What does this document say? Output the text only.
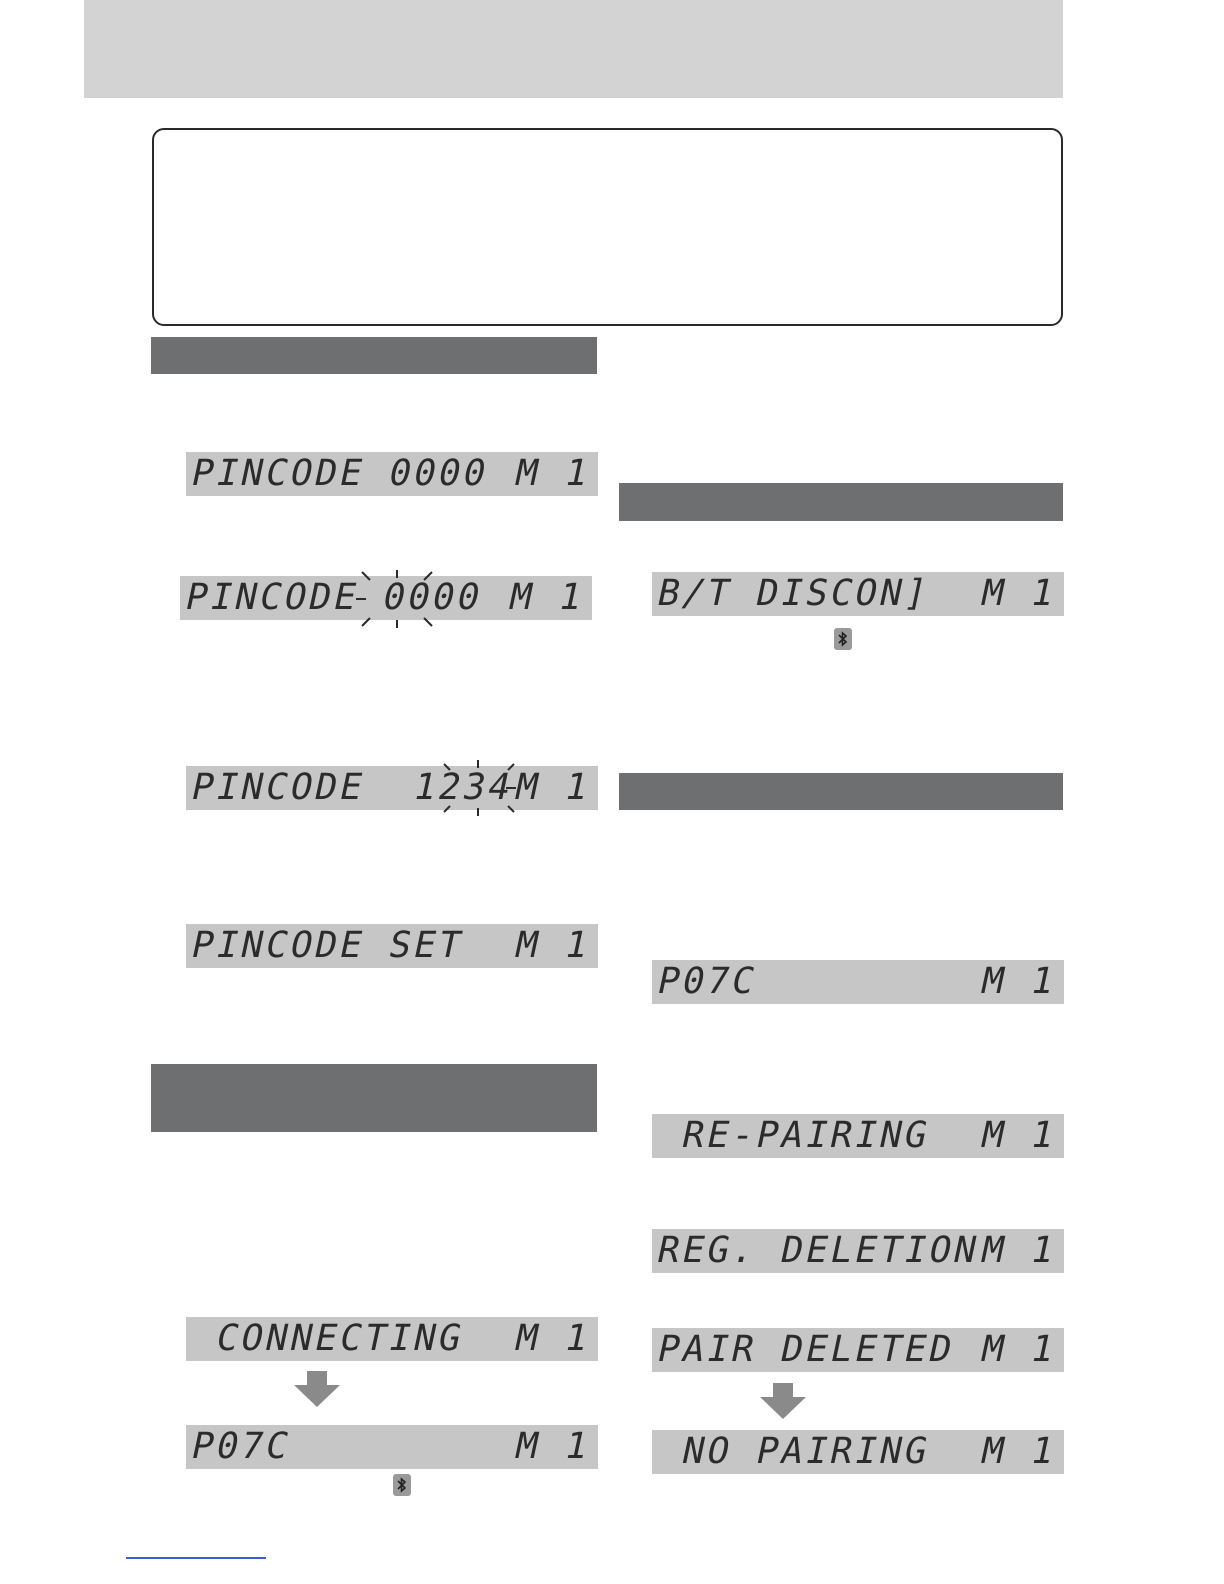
PINCODE 0000

M 1

PINCODE 0000

M 1

PINCODE  1234

M 1

PINCODE SET

M 1

CONNECTING

M 1

P07C

	M 1

B/T DISCON]

M 1

P07C

	M 1

RE-PAIRING

M 1

REG. DELETION

M 1

PAIR DELETED

M 1

NO PAIRING

M 1
